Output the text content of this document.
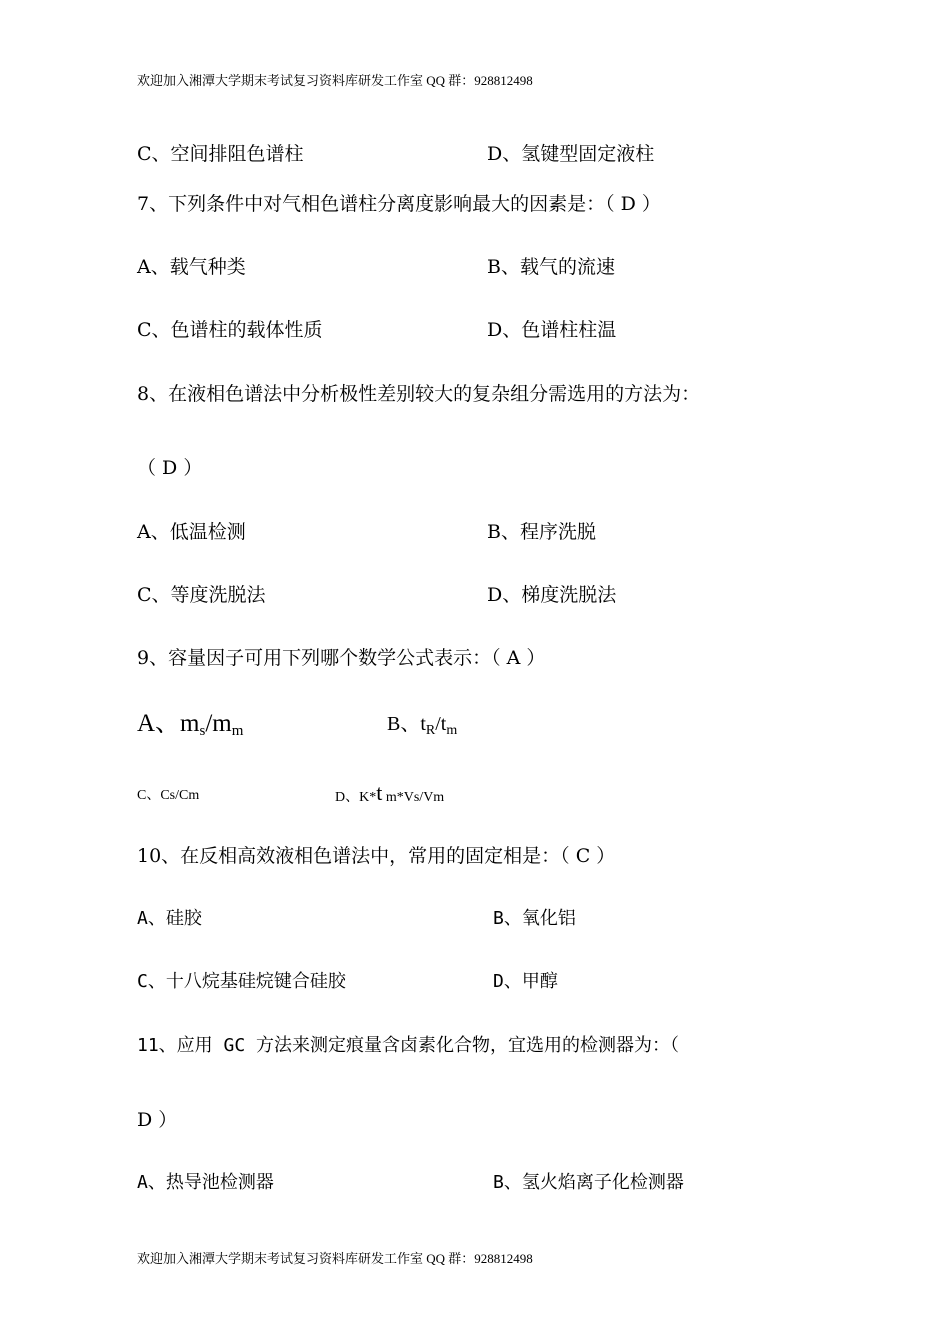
欢迎加入湘潭大学期末考试复习资料库研发工作室 QQ 群：928812498
C、空间排阻色谱柱	D、氢键型固定液柱
7、下列条件中对气相色谱柱分离度影响最大的因素是：（ D ）
A、载气种类	B、载气的流速
C、色谱柱的载体性质	D、色谱柱柱温
8、在液相色谱法中分析极性差别较大的复杂组分需选用的方法为：
（ D ）
A、低温检测	B、程序洗脱
C、等度洗脱法	D、梯度洗脱法
9、容量因子可用下列哪个数学公式表示：（ A ）
A、$m_s/m_m$	B、$t_R/t_m$
C、Cs/Cm	D、K*t m*Vs/Vm
10、在反相高效液相色谱法中，常用的固定相是：（ C ）
A、硅胶	B、氧化铝
C、十八烷基硅烷键合硅胶	D、甲醇
11、应用 GC 方法来测定痕量含卤素化合物，宜选用的检测器为：（
D ）
A、热导池检测器	B、氢火焰离子化检测器
欢迎加入湘潭大学期末考试复习资料库研发工作室 QQ 群：928812498
